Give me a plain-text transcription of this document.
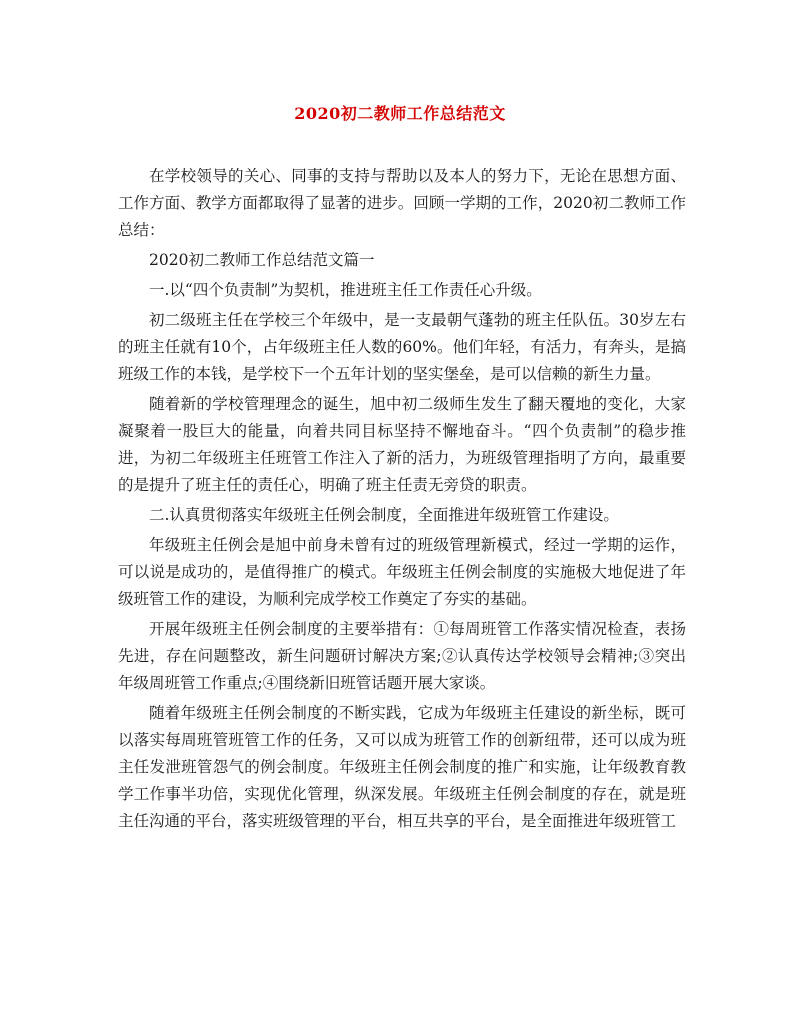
2020初二教师工作总结范文

在学校领导的关心、同事的支持与帮助以及本人的努力下，无论在思想方面、工作方面、教学方面都取得了显著的进步。回顾一学期的工作，2020初二教师工作总结：

2020初二教师工作总结范文篇一

一.以“四个负责制”为契机，推进班主任工作责任心升级。

初二级班主任在学校三个年级中，是一支最朝气蓬勃的班主任队伍。30岁左右的班主任就有10个，占年级班主任人数的60%。他们年轻，有活力，有奔头，是搞班级工作的本钱，是学校下一个五年计划的坚实堡垒，是可以信赖的新生力量。

随着新的学校管理理念的诞生，旭中初二级师生发生了翻天覆地的变化，大家凝聚着一股巨大的能量，向着共同目标坚持不懈地奋斗。“四个负责制”的稳步推进，为初二年级班主任班管工作注入了新的活力，为班级管理指明了方向，最重要的是提升了班主任的责任心，明确了班主任责无旁贷的职责。

二.认真贯彻落实年级班主任例会制度，全面推进年级班管工作建设。

年级班主任例会是旭中前身未曾有过的班级管理新模式，经过一学期的运作，可以说是成功的，是值得推广的模式。年级班主任例会制度的实施极大地促进了年级班管工作的建设，为顺利完成学校工作奠定了夯实的基础。

开展年级班主任例会制度的主要举措有：①每周班管工作落实情况检查，表扬先进，存在问题整改，新生问题研讨解决方案;②认真传达学校领导会精神;③突出年级周班管工作重点;④围绕新旧班管话题开展大家谈。

随着年级班主任例会制度的不断实践，它成为年级班主任建设的新坐标，既可以落实每周班管班管工作的任务，又可以成为班管工作的创新纽带，还可以成为班主任发泄班管怨气的例会制度。年级班主任例会制度的推广和实施，让年级教育教学工作事半功倍，实现优化管理，纵深发展。年级班主任例会制度的存在，就是班主任沟通的平台，落实班级管理的平台，相互共享的平台，是全面推进年级班管工
